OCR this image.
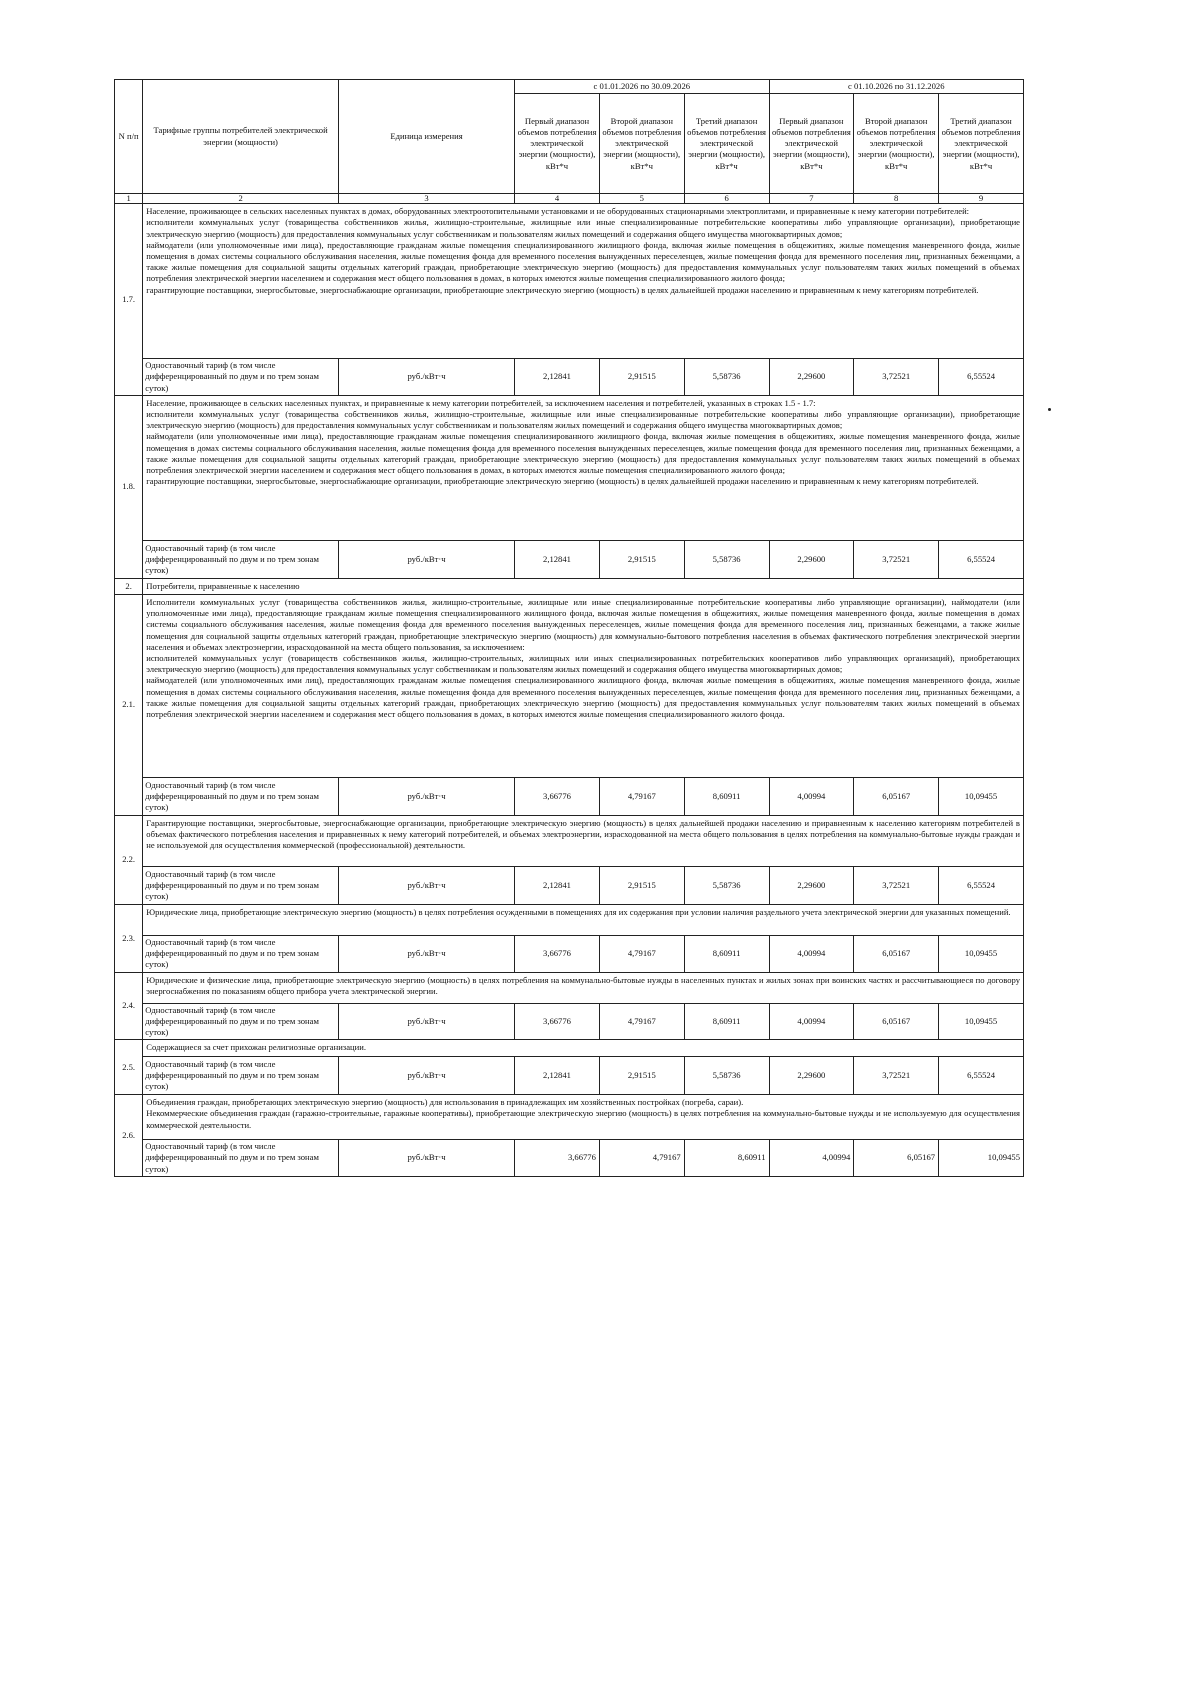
N п/п	Тарифные группы потребителей электрической энергии (мощности)	Единица измерения	с 01.01.2026 по 30.09.2026			с 01.10.2026 по 31.12.2026		
			Первый диапазон объемов потребления электрической энергии (мощности), кВт*ч	Второй диапазон объемов потребления электрической энергии (мощности), кВт*ч	Третий диапазон объемов потребления электрической энергии (мощности), кВт*ч	Первый диапазон объемов потребления электрической энергии (мощности), кВт*ч	Второй диапазон объемов потребления электрической энергии (мощности), кВт*ч	Третий диапазон объемов потребления электрической энергии (мощности), кВт*ч
1	2	3	4	5	6	7	8	9
1.7.	Население, проживающее в сельских населенных пунктах в домах, оборудованных электроотопительными установками и не оборудованных стационарными электроплитами, и приравненные к нему категории потребителей:

исполнители коммунальных услуг (товарищества собственников жилья, жилищно-строительные, жилищные или иные специализированные потребительские кооперативы либо управляющие организации), приобретающие электрическую энергию (мощность) для предоставления коммунальных услуг собственникам и пользователям жилых помещений и содержания общего имущества многоквартирных домов;

наймодатели (или уполномоченные ими лица), предоставляющие гражданам жилые помещения специализированного жилищного фонда, включая жилые помещения в общежитиях, жилые помещения маневренного фонда, жилые помещения в домах системы социального обслуживания населения, жилые помещения фонда для временного поселения вынужденных переселенцев, жилые помещения фонда для временного поселения лиц, признанных беженцами, а также жилые помещения для социальной защиты отдельных категорий граждан, приобретающие электрическую энергию (мощность) для предоставления коммунальных услуг пользователям таких жилых помещений в объемах потребления электрической энергии населением и содержания мест общего пользования в домах, в которых имеются жилые помещения специализированного жилого фонда;

гарантирующие поставщики, энергосбытовые, энергоснабжающие организации, приобретающие электрическую энергию (мощность) в целях дальнейшей продажи населению и приравненным к нему категориям потребителей.							

	Одноставочный тариф (в том числе дифференцированный по двум и по трем зонам суток)	руб./кВт·ч	2,12841	2,91515	5,58736	2,29600	3,72521	6,55524
1.8.	Население, проживающее в сельских населенных пунктах, и приравненные к нему категории потребителей, за исключением населения и потребителей, указанных в строках 1.5 - 1.7:

исполнители коммунальных услуг (товарищества собственников жилья, жилищно-строительные, жилищные или иные специализированные потребительские кооперативы либо управляющие организации), приобретающие электрическую энергию (мощность) для предоставления коммунальных услуг собственникам и пользователям жилых помещений и содержания общего имущества многоквартирных домов;

наймодатели (или уполномоченные ими лица), предоставляющие гражданам жилые помещения специализированного жилищного фонда, включая жилые помещения в общежитиях, жилые помещения маневренного фонда, жилые помещения в домах системы социального обслуживания населения, жилые помещения фонда для временного поселения вынужденных переселенцев, жилые помещения фонда для временного поселения лиц, признанных беженцами, а также жилые помещения для социальной защиты отдельных категорий граждан, приобретающие электрическую энергию (мощность) для предоставления коммунальных услуг пользователям таких жилых помещений в объемах потребления электрической энергии населением и содержания мест общего пользования в домах, в которых имеются жилые помещения специализированного жилого фонда;

гарантирующие поставщики, энергосбытовые, энергоснабжающие организации, приобретающие электрическую энергию (мощность) в целях дальнейшей продажи населению и приравненным к нему категориям потребителей.							

	Одноставочный тариф (в том числе дифференцированный по двум и по трем зонам суток)	руб./кВт·ч	2,12841	2,91515	5,58736	2,29600	3,72521	6,55524
2.	Потребители, приравненные к населению							
2.1.	Исполнители коммунальных услуг (товарищества собственников жилья, жилищно-строительные, жилищные или иные специализированные потребительские кооперативы либо управляющие организации), наймодатели (или уполномоченные ими лица), предоставляющие гражданам жилые помещения специализированного жилищного фонда, включая жилые помещения в общежитиях, жилые помещения маневренного фонда, жилые помещения в домах системы социального обслуживания населения, жилые помещения фонда для временного поселения вынужденных переселенцев, жилые помещения фонда для временного поселения лиц, признанных беженцами, а также жилые помещения для социальной защиты отдельных категорий граждан, приобретающие электрическую энергию (мощность) для коммунально-бытового потребления населения в объемах фактического потребления электрической энергии населения и объемах электроэнергии, израсходованной на места общего пользования, за исключением:

исполнителей коммунальных услуг (товариществ собственников жилья, жилищно-строительных, жилищных или иных специализированных потребительских кооперативов либо управляющих организаций), приобретающих электрическую энергию (мощность) для предоставления коммунальных услуг собственникам и пользователям жилых помещений и содержания общего имущества многоквартирных домов;

наймодателей (или уполномоченных ими лиц), предоставляющих гражданам жилые помещения специализированного жилищного фонда, включая жилые помещения в общежитиях, жилые помещения маневренного фонда, жилые помещения в домах системы социального обслуживания населения, жилые помещения фонда для временного поселения вынужденных переселенцев, жилые помещения фонда для временного поселения лиц, признанных беженцами, а также жилые помещения для социальной защиты отдельных категорий граждан, приобретающих электрическую энергию (мощность) для предоставления коммунальных услуг пользователям таких жилых помещений в объемах потребления электрической энергии населением и содержания мест общего пользования в домах, в которых имеются жилые помещения специализированного жилого фонда.							

	Одноставочный тариф (в том числе дифференцированный по двум и по трем зонам суток)	руб./кВт·ч	3,66776	4,79167	8,60911	4,00994	6,05167	10,09455
2.2.	Гарантирующие поставщики, энергосбытовые, энергоснабжающие организации, приобретающие электрическую энергию (мощность) в целях дальнейшей продажи населению и приравненным к населению категориям потребителей в объемах фактического потребления населения и приравненных к нему категорий потребителей, и объемах электроэнергии, израсходованной на места общего пользования в целях потребления на коммунально-бытовые нужды граждан и не используемой для осуществления коммерческой (профессиональной) деятельности.							

	Одноставочный тариф (в том числе дифференцированный по двум и по трем зонам суток)	руб./кВт·ч	2,12841	2,91515	5,58736	2,29600	3,72521	6,55524
2.3.	Юридические лица, приобретающие электрическую энергию (мощность) в целях потребления осужденными в помещениях для их содержания при условии наличия раздельного учета электрической энергии для указанных помещений.							

	Одноставочный тариф (в том числе дифференцированный по двум и по трем зонам суток)	руб./кВт·ч	3,66776	4,79167	8,60911	4,00994	6,05167	10,09455
2.4.	Юридические и физические лица, приобретающие электрическую энергию (мощность) в целях потребления на коммунально-бытовые нужды в населенных пунктах и жилых зонах при воинских частях и рассчитывающиеся по договору энергоснабжения по показаниям общего прибора учета электрической энергии.							

	Одноставочный тариф (в том числе дифференцированный по двум и по трем зонам суток)	руб./кВт·ч	3,66776	4,79167	8,60911	4,00994	6,05167	10,09455
2.5.	Содержащиеся за счет прихожан религиозные организации.							

	Одноставочный тариф (в том числе дифференцированный по двум и по трем зонам суток)	руб./кВт·ч	2,12841	2,91515	5,58736	2,29600	3,72521	6,55524
2.6.	Объединения граждан, приобретающих электрическую энергию (мощность) для использования в принадлежащих им хозяйственных постройках (погреба, сараи).

Некоммерческие объединения граждан (гаражно-строительные, гаражные кооперативы), приобретающие электрическую энергию (мощность) в целях потребления на коммунально-бытовые нужды и не используемую для осуществления коммерческой деятельности.							

	Одноставочный тариф (в том числе дифференцированный по двум и по трем зонам суток)	руб./кВт·ч	3,66776	4,79167	8,60911	4,00994	6,05167	10,09455
